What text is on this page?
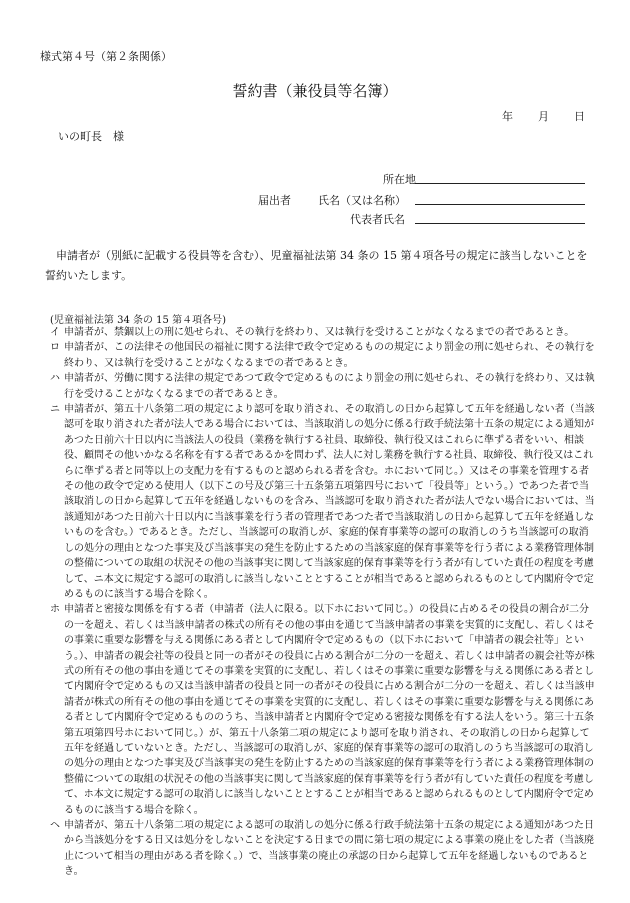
様式第４号（第２条関係）
誓約書（兼役員等名簿）
年 月 日
いの町長　様
所在地
届出者 氏名（又は名称）
代表者氏名
申請者が（別紙に記載する役員等を含む）、児童福祉法第 34 条の 15 第４項各号の規定に該当しないことを誓約いたします。
(児童福祉法第 34 条の 15 第４項各号)
イ 申請者が、禁錮以上の刑に処せられ、その執行を終わり、又は執行を受けることがなくなるまでの者であるとき。
ロ 申請者が、この法律その他国民の福祉に関する法律で政令で定めるものの規定により罰金の刑に処せられ、その執行を終わり、又は執行を受けることがなくなるまでの者であるとき。
ハ 申請者が、労働に関する法律の規定であつて政令で定めるものにより罰金の刑に処せられ、その執行を終わり、又は執行を受けることがなくなるまでの者であるとき。
ニ 申請者が、第五十八条第二項の規定により認可を取り消され、その取消しの日から起算して五年を経過しない者（当該認可を取り消された者が法人である場合においては、当該取消しの処分に係る行政手続法第十五条の規定による通知があつた日前六十日以内に当該法人の役員（業務を執行する社員、取締役、執行役又はこれらに準ずる者をいい、相談役、顧問その他いかなる名称を有する者であるかを問わず、法人に対し業務を執行する社員、取締役、執行役又はこれらに準ずる者と同等以上の支配力を有するものと認められる者を含む。ホにおいて同じ。）又はその事業を管理する者その他の政令で定める使用人（以下この号及び第三十五条第五項第四号において「役員等」という。）であつた者で当該取消しの日から起算して五年を経過しないものを含み、当該認可を取り消された者が法人でない場合においては、当該通知があつた日前六十日以内に当該事業を行う者の管理者であつた者で当該取消しの日から起算して五年を経過しないものを含む。）であるとき。ただし、当該認可の取消しが、家庭的保育事業等の認可の取消しのうち当該認可の取消しの処分の理由となつた事実及び当該事実の発生を防止するための当該家庭的保育事業等を行う者による業務管理体制の整備についての取組の状況その他の当該事実に関して当該家庭的保育事業等を行う者が有していた責任の程度を考慮して、ニ本文に規定する認可の取消しに該当しないこととすることが相当であると認められるものとして内閣府令で定めるものに該当する場合を除く。
ホ 申請者と密接な関係を有する者（申請者（法人に限る。以下ホにおいて同じ。）の役員に占めるその役員の割合が二分の一を超え、若しくは当該申請者の株式の所有その他の事由を通じて当該申請者の事業を実質的に支配し、若しくはその事業に重要な影響を与える関係にある者として内閣府令で定めるもの（以下ホにおいて「申請者の親会社等」という。）、申請者の親会社等の役員と同一の者がその役員に占める割合が二分の一を超え、若しくは申請者の親会社等が株式の所有その他の事由を通じてその事業を実質的に支配し、若しくはその事業に重要な影響を与える関係にある者として内閣府令で定めるもの又は当該申請者の役員と同一の者がその役員に占める割合が二分の一を超え、若しくは当該申請者が株式の所有その他の事由を通じてその事業を実質的に支配し、若しくはその事業に重要な影響を与える関係にある者として内閣府令で定めるもののうち、当該申請者と内閣府令で定める密接な関係を有する法人をいう。第三十五条第五項第四号ホにおいて同じ。）が、第五十八条第二項の規定により認可を取り消され、その取消しの日から起算して五年を経過していないとき。ただし、当該認可の取消しが、家庭的保育事業等の認可の取消しのうち当該認可の取消しの処分の理由となつた事実及び当該事実の発生を防止するための当該家庭的保育事業等を行う者による業務管理体制の整備についての取組の状況その他の当該事実に関して当該家庭的保育事業等を行う者が有していた責任の程度を考慮して、ホ本文に規定する認可の取消しに該当しないこととすることが相当であると認められるものとして内閣府令で定めるものに該当する場合を除く。
ヘ 申請者が、第五十八条第二項の規定による認可の取消しの処分に係る行政手続法第十五条の規定による通知があつた日から当該処分をする日又は処分をしないことを決定する日までの間に第七項の規定による事業の廃止をした者（当該廃止について相当の理由がある者を除く。）で、当該事業の廃止の承認の日から起算して五年を経過しないものであるとき。
